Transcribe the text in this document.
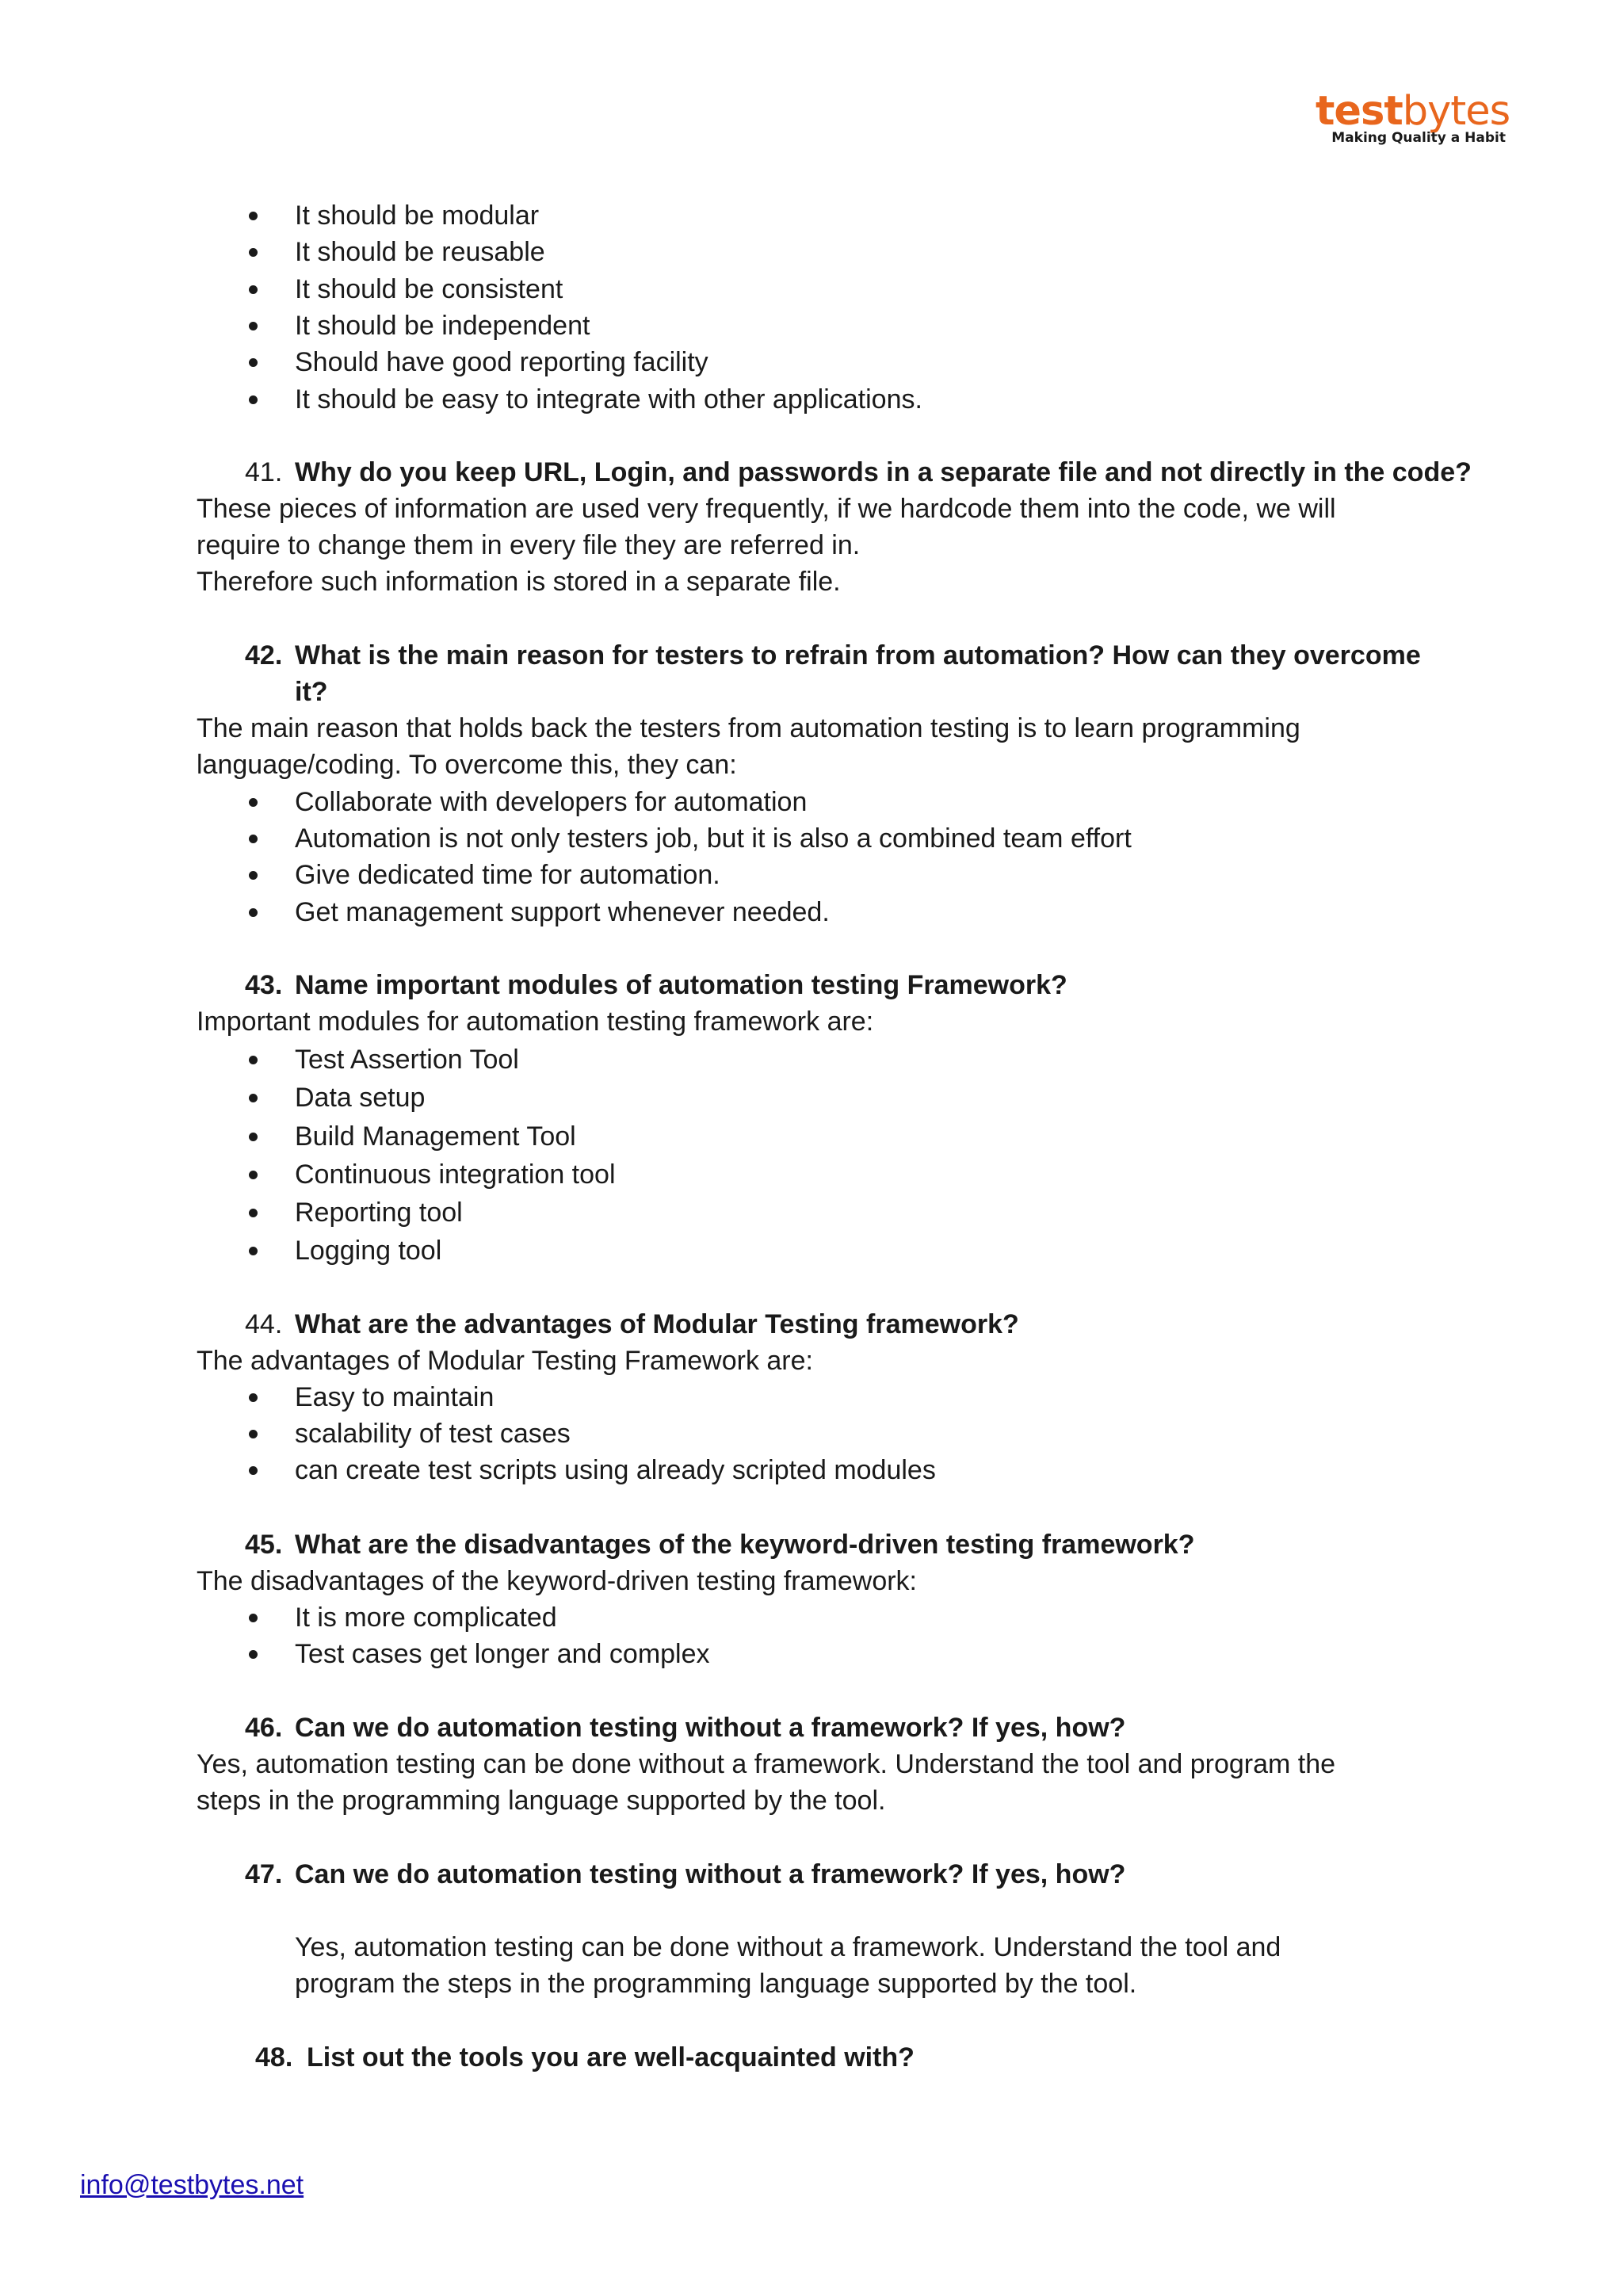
testbytes
Making Quality a Habit
It should be modular
It should be reusable
It should be consistent
It should be independent
Should have good reporting facility
It should be easy to integrate with other applications.
41. Why do you keep URL, Login, and passwords in a separate file and not directly in the code?
These pieces of information are used very frequently, if we hardcode them into the code, we will
require to change them in every file they are referred in.
Therefore such information is stored in a separate file.
42. What is the main reason for testers to refrain from automation? How can they overcome
it?
The main reason that holds back the testers from automation testing is to learn programming
language/coding. To overcome this, they can:
Collaborate with developers for automation
Automation is not only testers job, but it is also a combined team effort
Give dedicated time for automation.
Get management support whenever needed.
43. Name important modules of automation testing Framework?
Important modules for automation testing framework are:
Test Assertion Tool
Data setup
Build Management Tool
Continuous integration tool
Reporting tool
Logging tool
44. What are the advantages of Modular Testing framework?
The advantages of Modular Testing Framework are:
Easy to maintain
scalability of test cases
can create test scripts using already scripted modules
45. What are the disadvantages of the keyword-driven testing framework?
The disadvantages of the keyword-driven testing framework:
It is more complicated
Test cases get longer and complex
46. Can we do automation testing without a framework? If yes, how?
Yes, automation testing can be done without a framework. Understand the tool and program the
steps in the programming language supported by the tool.
47. Can we do automation testing without a framework? If yes, how?
Yes, automation testing can be done without a framework. Understand the tool and
program the steps in the programming language supported by the tool.
48. List out the tools you are well-acquainted with?
info@testbytes.net
